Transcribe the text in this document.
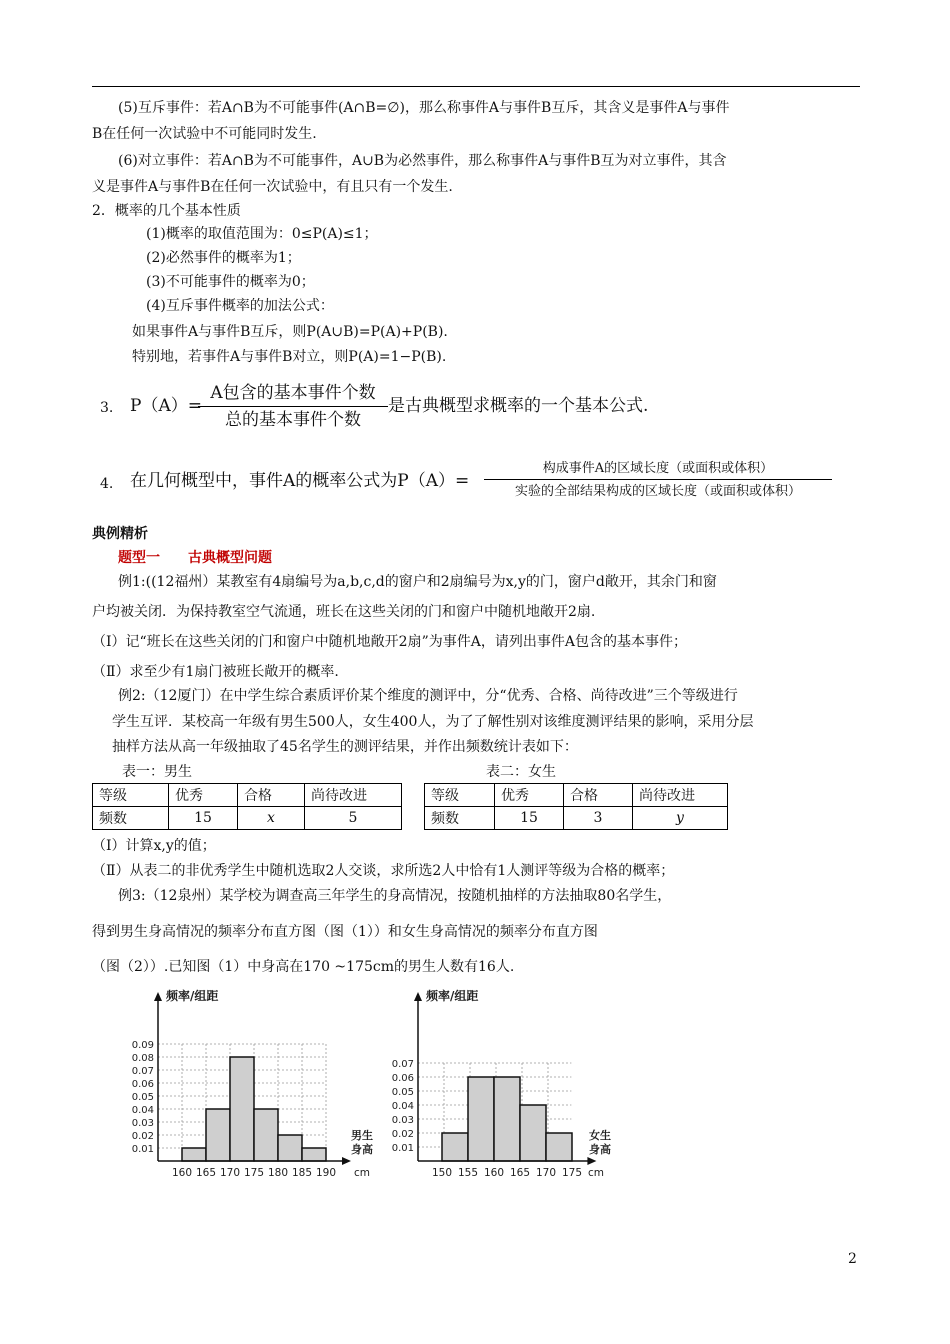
(5)互斥事件：若A∩B为不可能事件(A∩B=∅)，那么称事件A与事件B互斥，其含义是事件A与事件
B在任何一次试验中不可能同时发生.
(6)对立事件：若A∩B为不可能事件，A∪B为必然事件，那么称事件A与事件B互为对立事件，其含
义是事件A与事件B在任何一次试验中，有且只有一个发生.
2．概率的几个基本性质
(1)概率的取值范围为：0≤P(A)≤1；
(2)必然事件的概率为1；
(3)不可能事件的概率为0；
(4)互斥事件概率的加法公式：
如果事件A与事件B互斥，则P(A∪B)=P(A)+P(B).
特别地，若事件A与事件B对立，则P(A)=1−P(B).
3. P（A）=
A包含的基本事件个数
总的基本事件个数
是古典概型求概率的一个基本公式.
4. 在几何概型中，事件A的概率公式为P（A）=
构成事件A的区域长度（或面积或体积）
实验的全部结果构成的区域长度（或面积或体积）
典例精析
题型一　　古典概型问题
例1:((12福州）某教室有4扇编号为a,b,c,d的窗户和2扇编号为x,y的门，窗户d敞开，其余门和窗
户均被关闭．为保持教室空气流通，班长在这些关闭的门和窗户中随机地敞开2扇.
（Ⅰ）记“班长在这些关闭的门和窗户中随机地敞开2扇”为事件A，请列出事件A包含的基本事件；
（Ⅱ）求至少有1扇门被班长敞开的概率.
例2:（12厦门）在中学生综合素质评价某个维度的测评中，分“优秀、合格、尚待改进”三个等级进行
学生互评．某校高一年级有男生500人，女生400人，为了了解性别对该维度测评结果的影响，采用分层
抽样方法从高一年级抽取了45名学生的测评结果，并作出频数统计表如下：
表一：男生	表二：女生
等级	优秀	合格	尚待改进
频数	15	x	5
等级	优秀	合格	尚待改进
频数	15	3	y
（Ⅰ）计算x,y的值；
（Ⅱ）从表二的非优秀学生中随机选取2人交谈，求所选2人中恰有1人测评等级为合格的概率；
例3:（12泉州）某学校为调查高三年学生的身高情况，按随机抽样的方法抽取80名学生，
得到男生身高情况的频率分布直方图（图（1））和女生身高情况的频率分布直方图
（图（2））.已知图（1）中身高在170 ~175cm的男生人数有16人.
0.01
0.02
0.03
0.04
0.05
0.06
0.07
0.08
0.09
160 165 170 175 180 185 190 cm
频率/组距
男生
身高 0.01
0.02
0.03
0.04
0.05
0.06
0.07
150 155 160 165 170 175 cm
频率/组距
女生
身高
2
